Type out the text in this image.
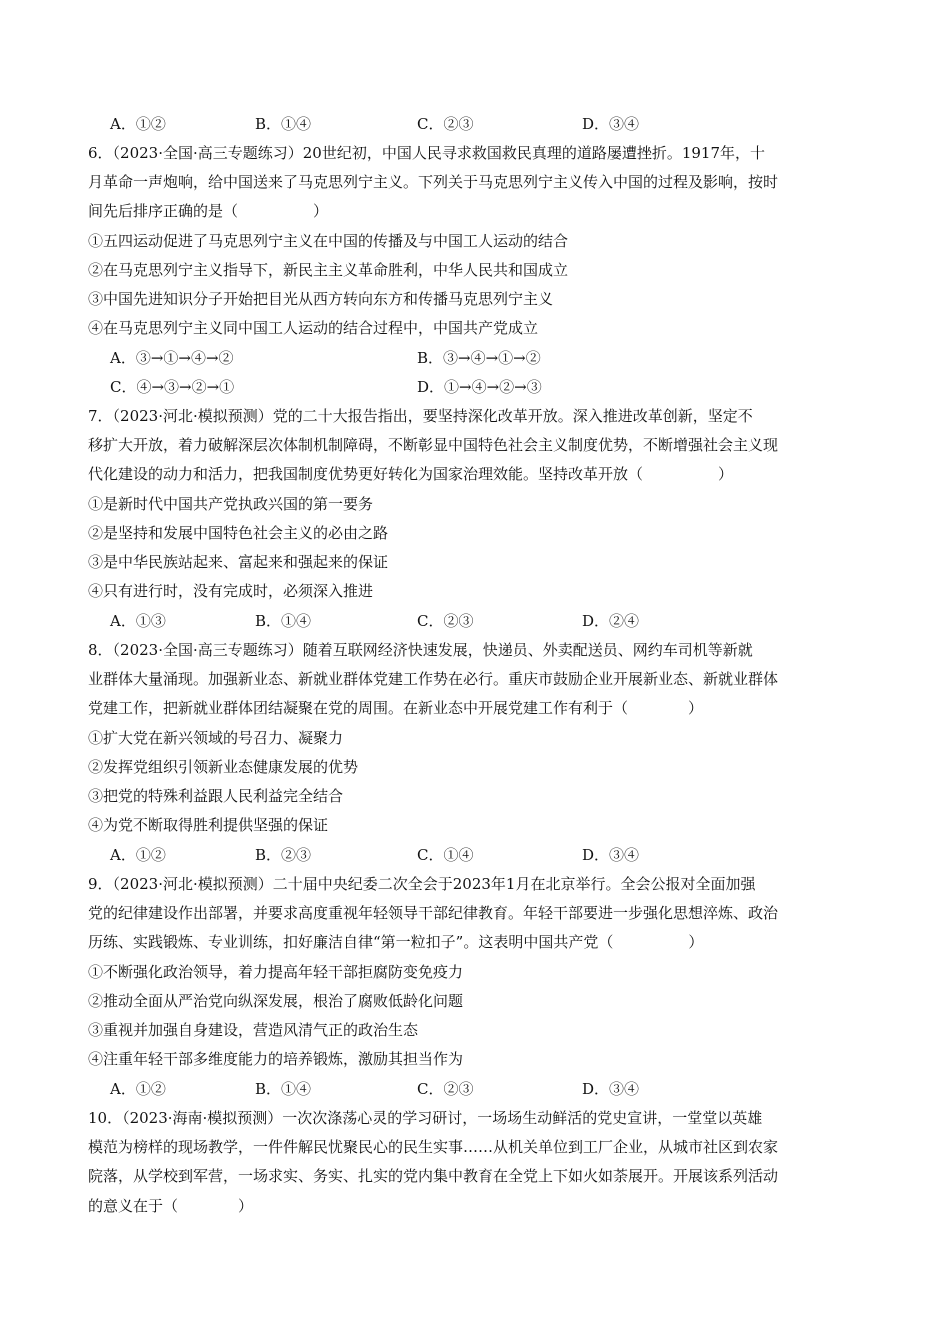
A．①②	B．①④	C．②③	D．③④
6．（2023·全国·高三专题练习）20世纪初，中国人民寻求救国救民真理的道路屡遭挫折。1917年，十
月革命一声炮响，给中国送来了马克思列宁主义。下列关于马克思列宁主义传入中国的过程及影响，按时
间先后排序正确的是（　　　　　）
①五四运动促进了马克思列宁主义在中国的传播及与中国工人运动的结合
②在马克思列宁主义指导下，新民主主义革命胜利，中华人民共和国成立
③中国先进知识分子开始把目光从西方转向东方和传播马克思列宁主义
④在马克思列宁主义同中国工人运动的结合过程中，中国共产党成立
A．③→①→④→②	B．③→④→①→②
C．④→③→②→①	D．①→④→②→③
7．（2023·河北·模拟预测）党的二十大报告指出，要坚持深化改革开放。深入推进改革创新，坚定不
移扩大开放，着力破解深层次体制机制障碍，不断彰显中国特色社会主义制度优势，不断增强社会主义现
代化建设的动力和活力，把我国制度优势更好转化为国家治理效能。坚持改革开放（　　　　　）
①是新时代中国共产党执政兴国的第一要务
②是坚持和发展中国特色社会主义的必由之路
③是中华民族站起来、富起来和强起来的保证
④只有进行时，没有完成时，必须深入推进
A．①③	B．①④	C．②③	D．②④
8．（2023·全国·高三专题练习）随着互联网经济快速发展，快递员、外卖配送员、网约车司机等新就
业群体大量涌现。加强新业态、新就业群体党建工作势在必行。重庆市鼓励企业开展新业态、新就业群体
党建工作，把新就业群体团结凝聚在党的周围。在新业态中开展党建工作有利于（　　　　）
①扩大党在新兴领域的号召力、凝聚力
②发挥党组织引领新业态健康发展的优势
③把党的特殊利益跟人民利益完全结合
④为党不断取得胜利提供坚强的保证
A．①②	B．②③	C．①④	D．③④
9．（2023·河北·模拟预测）二十届中央纪委二次全会于2023年1月在北京举行。全会公报对全面加强
党的纪律建设作出部署，并要求高度重视年轻领导干部纪律教育。年轻干部要进一步强化思想淬炼、政治
历练、实践锻炼、专业训练，扣好廉洁自律“第一粒扣子”。这表明中国共产党（　　　　　）
①不断强化政治领导，着力提高年轻干部拒腐防变免疫力
②推动全面从严治党向纵深发展，根治了腐败低龄化问题
③重视并加强自身建设，营造风清气正的政治生态
④注重年轻干部多维度能力的培养锻炼，激励其担当作为
A．①②	B．①④	C．②③	D．③④
10．（2023·海南·模拟预测）一次次涤荡心灵的学习研讨，一场场生动鲜活的党史宣讲，一堂堂以英雄
模范为榜样的现场教学，一件件解民忧聚民心的民生实事……从机关单位到工厂企业，从城市社区到农家
院落，从学校到军营，一场求实、务实、扎实的党内集中教育在全党上下如火如荼展开。开展该系列活动
的意义在于（　　　　）
